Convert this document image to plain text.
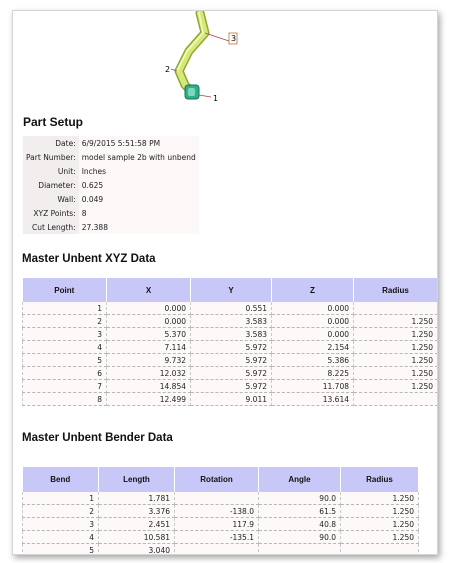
3
2
1
Part Setup
Date:	6/9/2015 5:51:58 PM
Part Number:	model sample 2b with unbend
Unit:	Inches
Diameter:	0.625
Wall:	0.049
XYZ Points:	8
Cut Length:	27.388
Master Unbent XYZ Data
Point	X	Y	Z	Radius
1	0.000	0.551	0.000	
2	0.000	3.583	0.000	1.250
3	5.370	3.583	0.000	1.250
4	7.114	5.972	2.154	1.250
5	9.732	5.972	5.386	1.250
6	12.032	5.972	8.225	1.250
7	14.854	5.972	11.708	1.250
8	12.499	9.011	13.614	
Master Unbent Bender Data
Bend	Length	Rotation	Angle	Radius
1	1.781		90.0	1.250
2	3.376	-138.0	61.5	1.250
3	2.451	117.9	40.8	1.250
4	10.581	-135.1	90.0	1.250
5	3.040			
